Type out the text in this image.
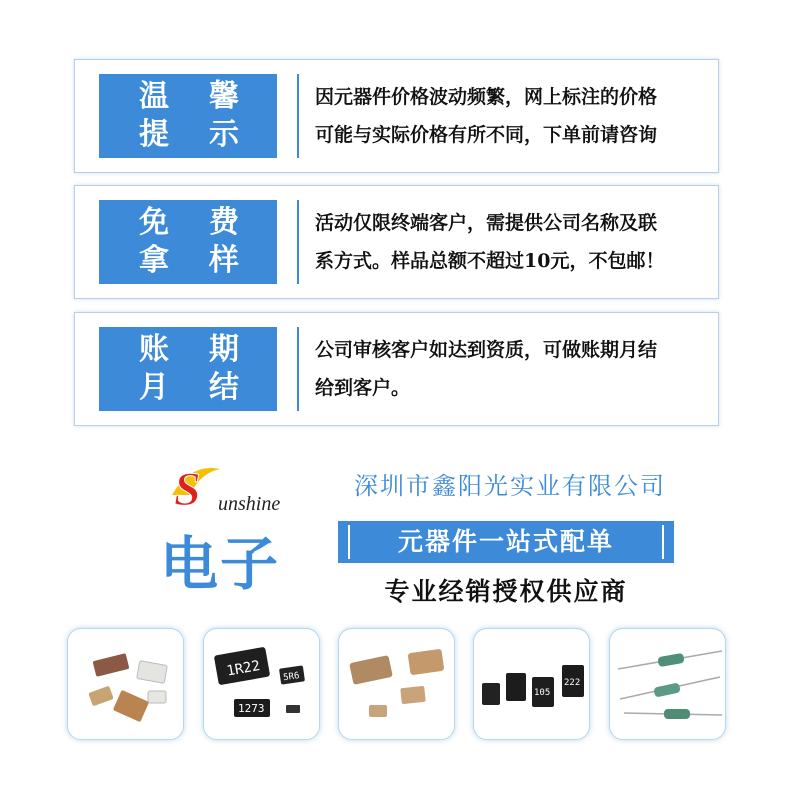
温 馨
提 示
因元器件价格波动频繁，网上标注的价格
可能与实际价格有所不同，下单前请咨询
免 费
拿 样
活动仅限终端客户，需提供公司名称及联
系方式。样品总额不超过10元，不包邮！
账 期
月 结
公司审核客户如达到资质，可做账期月结
给到客户。
S unshine
电子
深圳市鑫阳光实业有限公司
元器件一站式配单
专业经销授权供应商
1R22 5R6
1273
105
222
